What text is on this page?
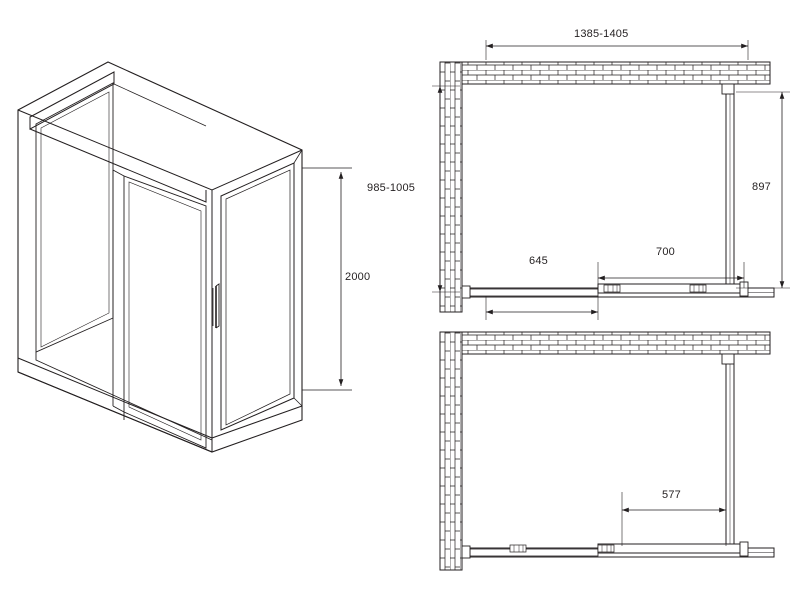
2000
1385-1405
985-1005	897
645
700
577
